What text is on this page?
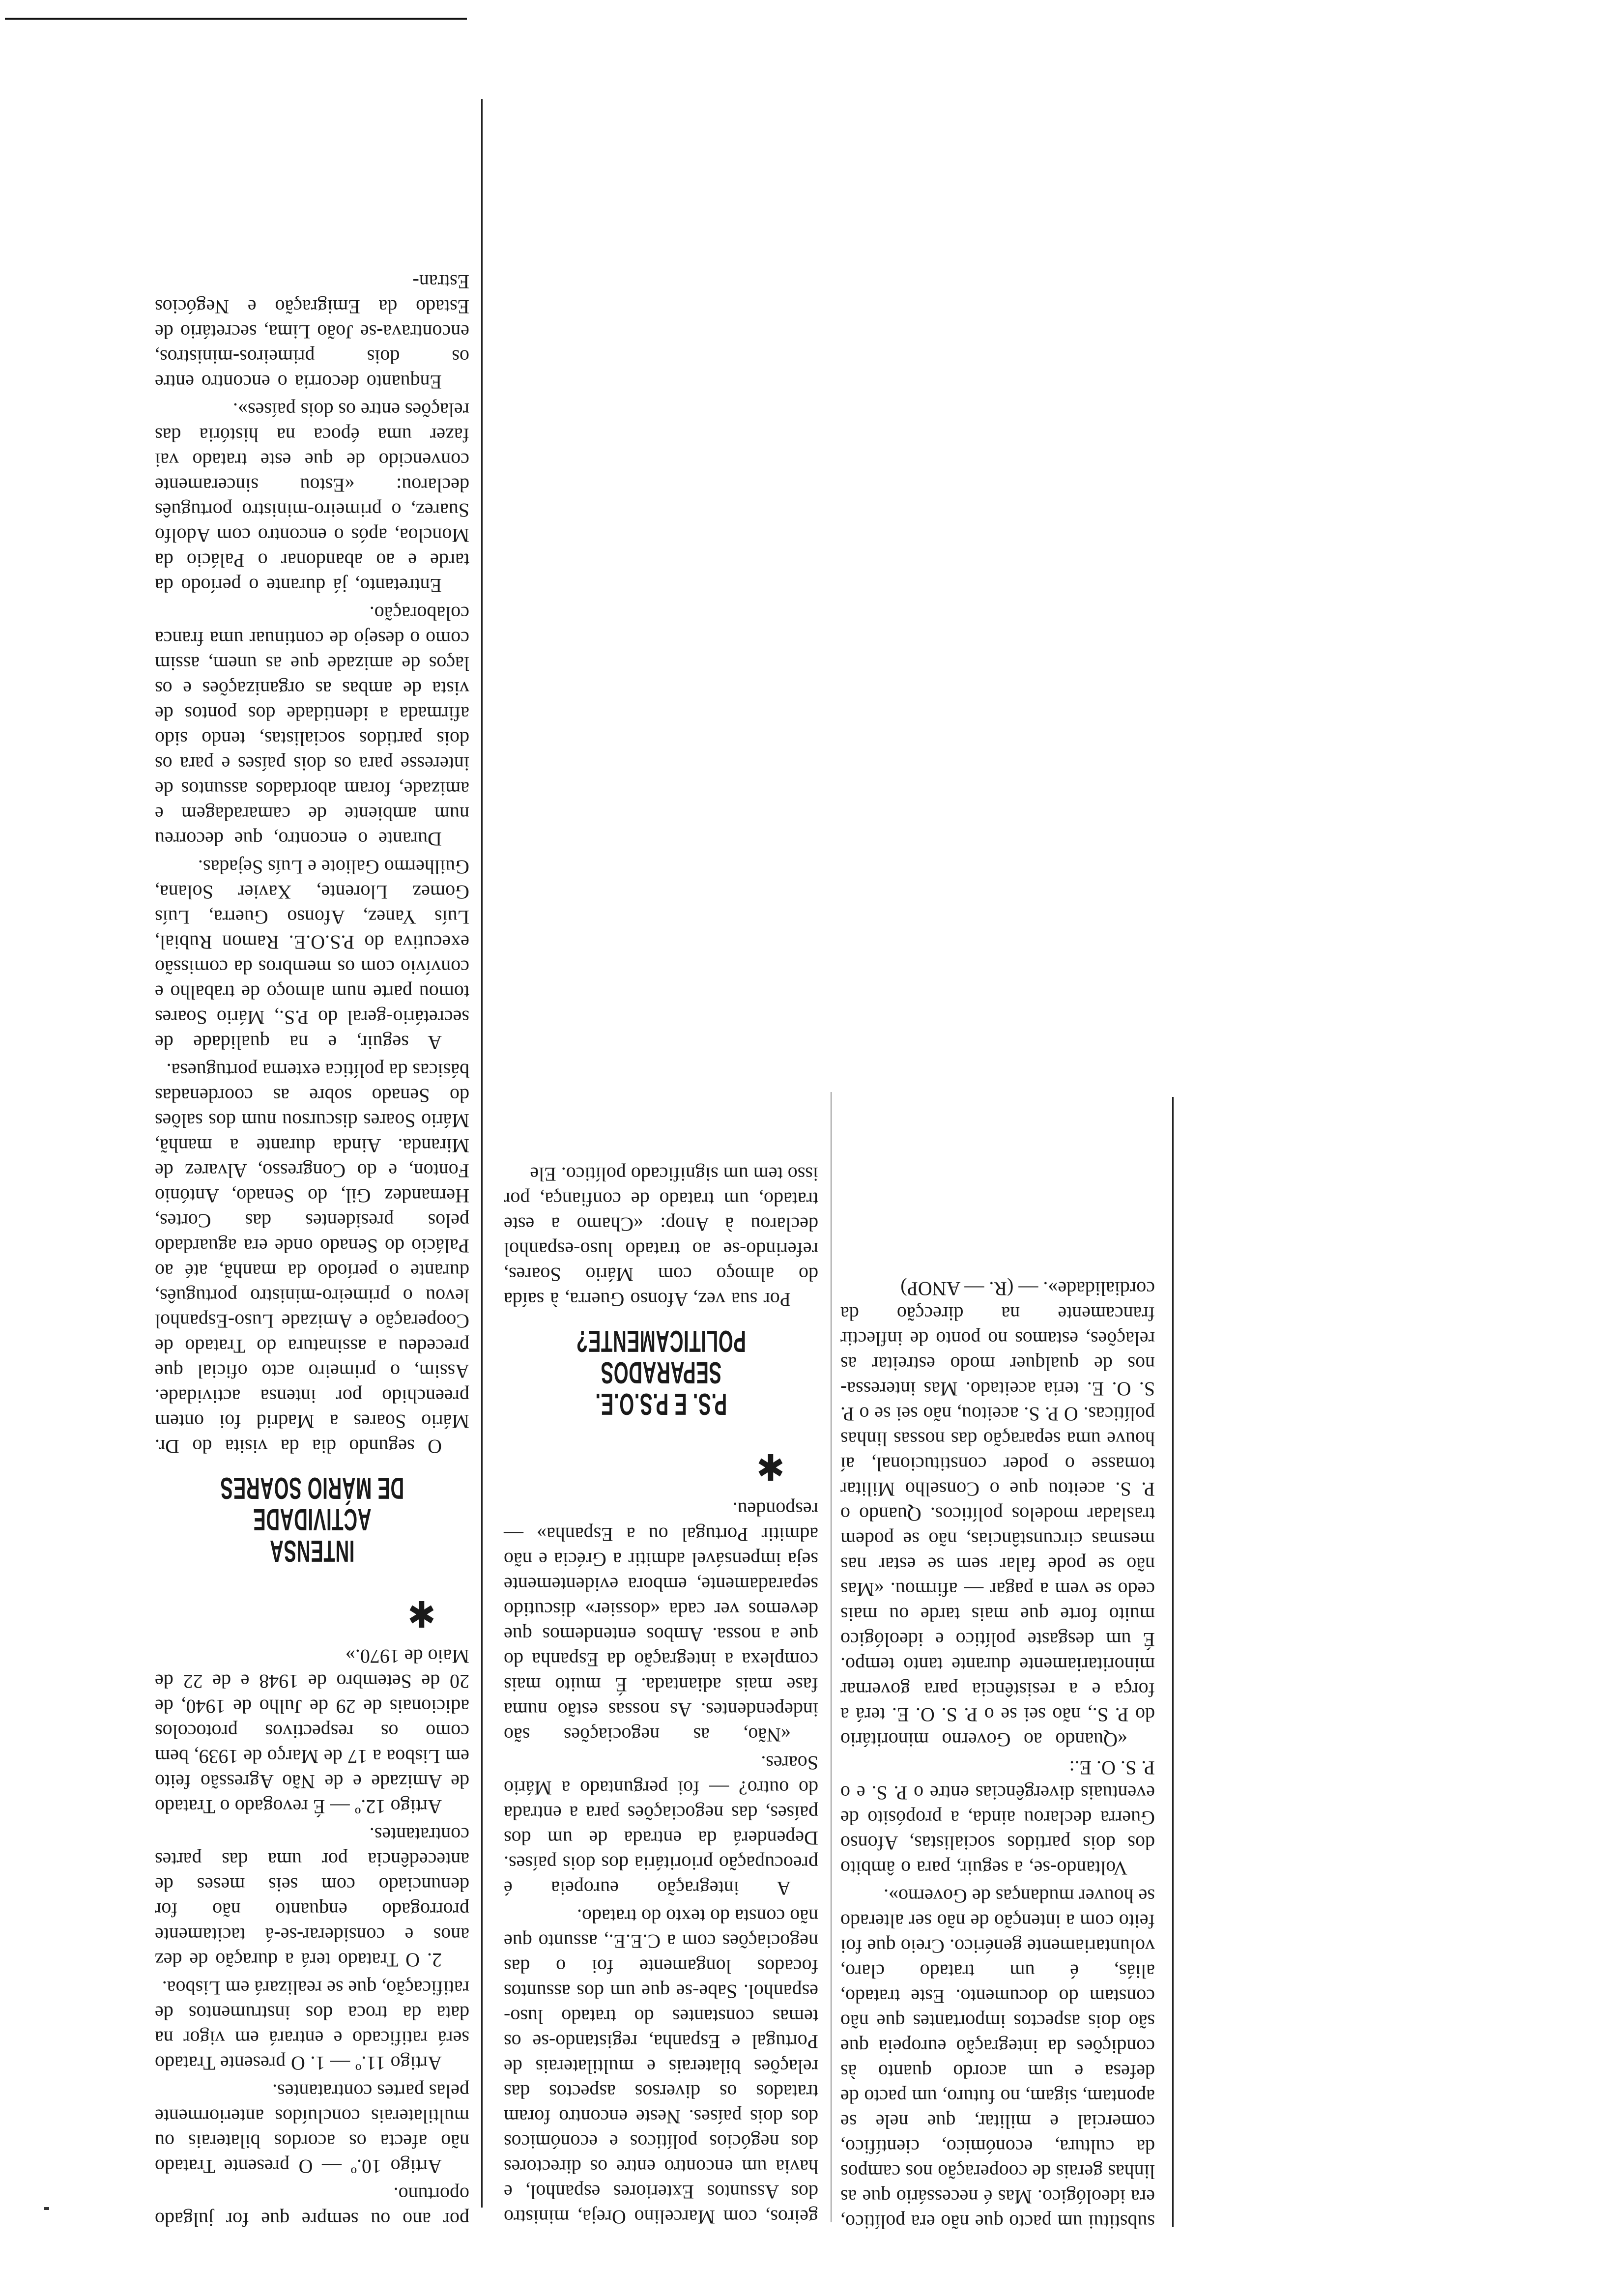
por ano ou sempre que for julgado oportuno.

Artigo 10.º — O presente Tratado não afecta os acordos bilaterais ou multilaterais concluídos anteriormente pelas partes contratantes.

Artigo 11.º — 1. O presente Tratado será ratificado e entrará em vigor na data da troca dos instrumentos de ratificação, que se realizará em Lisboa.

2. O Tratado terá a duração de dez anos e considerar-se-á tacitamente prorrogado enquanto não for denunciado com seis meses de antecedência por uma das partes contratantes.

Artigo 12.º — É revogado o Tratado de Amizade e de Não Agressão feito em Lisboa a 17 de Março de 1939, bem como os respectivos protocolos adicionais de 29 de Julho de 1940, de 20 de Setembro de 1948 e de 22 de Maio de 1970.»

✱

INTENSA ACTIVIDADE
DE MÁRIO SOARES

O segundo dia da visita do Dr. Mário Soares a Madrid foi ontem preenchido por intensa actividade. Assim, o primeiro acto oficial que precedeu a assinatura do Tratado de Cooperação e Amizade Luso-Espanhol levou o primeiro-ministro português, durante o período da manhã, até ao Palácio do Senado onde era aguardado pelos presidentes das Cortes, Hernandez Gil, do Senado, António Fonton, e do Congresso, Alvarez de Miranda. Ainda durante a manhã, Mário Soares discursou num dos salões do Senado sobre as coordenadas básicas da política externa portuguesa.

A seguir, e na qualidade de secretário-geral do P.S., Mário Soares tomou parte num almoço de trabalho e convívio com os membros da comissão executiva do P.S.O.E. Ramon Rubial, Luís Yanez, Afonso Guerra, Luís Gomez Llorente, Xavier Solana, Guilhermo Galiote e Luís Sejadas.

Durante o encontro, que decorreu num ambiente de camaradagem e amizade, foram abordados assuntos de interesse para os dois países e para os dois partidos socialistas, tendo sido afirmada a identidade dos pontos de vista de ambas as organizações e os laços de amizade que as unem, assim como o desejo de continuar uma franca colaboração.

Entretanto, já durante o período da tarde e ao abandonar o Palácio da Moncloa, após o encontro com Adolfo Suarez, o primeiro-ministro português declarou: «Estou sinceramente convencido de que este tratado vai fazer uma época na história das relações entre os dois países».

Enquanto decorria o encontro entre os dois primeiros-ministros, encontrava-se João Lima, secretário de Estado da Emigração e Negócios Estran-

geiros, com Marcelino Oreja, ministro dos Assuntos Exteriores espanhol, e havia um encontro entre os directores dos negócios políticos e económicos dos dois países. Neste encontro foram tratados os diversos aspectos das relações bilaterais e multilaterais de Portugal e Espanha, registando-se os temas constantes do tratado luso-espanhol. Sabe-se que um dos assuntos focados longamente foi o das negociações com a C.E.E., assunto que não consta do texto do tratado.

A integração europeia é preocupação prioritária dos dois países. Dependerá da entrada de um dos países, das negociações para a entrada do outro? — foi perguntado a Mário Soares.

«Não, as negociações são independentes. As nossas estão numa fase mais adiantada. É muito mais complexa a integração da Espanha do que a nossa. Ambos entendemos que devemos ver cada «dossier» discutido separadamente, embora evidentemente seja impensável admitir a Grécia e não admitir Portugal ou a Espanha» — respondeu.

✱

P.S. E P.S.O.E. SEPARADOS
POLITICAMENTE?

Por sua vez, Afonso Guerra, à saída do almoço com Mário Soares, referindo-se ao tratado luso-espanhol declarou à Anop: «Chamo a este tratado, um tratado de confiança, por isso tem um significado político. Ele

substitui um pacto que não era político, era ideológico. Mas é necessário que as linhas gerais de cooperação nos campos da cultura, económico, científico, comercial e militar, que nele se apontam, sigam, no futuro, um pacto de defesa e um acordo quanto às condições da integração europeia que são dois aspectos importantes que não constam do documento. Este tratado, aliás, é um tratado claro, voluntariamente genérico. Creio que foi feito com a intenção de não ser alterado se houver mudanças de Governo».

Voltando-se, a seguir, para o âmbito dos dois partidos socialistas, Afonso Guerra declarou ainda, a propósito de eventuais divergências entre o P. S. e o P. S. O. E.:

«Quando ao Governo minoritário do P. S., não sei se o P. S. O. E. terá a força e a resistência para governar minoritariamente durante tanto tempo. É um desgaste político e ideológico muito forte que mais tarde ou mais cedo se vem a pagar — afirmou. «Mas não se pode falar sem se estar nas mesmas circunstâncias, não se podem trasladar modelos políticos. Quando o P. S. aceitou que o Conselho Militar tomasse o poder constitucional, aí houve uma separação das nossas linhas políticas. O P. S. aceitou, não sei se o P. S. O. E. teria aceitado. Mas interessa-nos de qualquer modo estreitar as relações, estamos no ponto de inflectir francamente na direcção da cordialidade». — (R. — ANOP)
